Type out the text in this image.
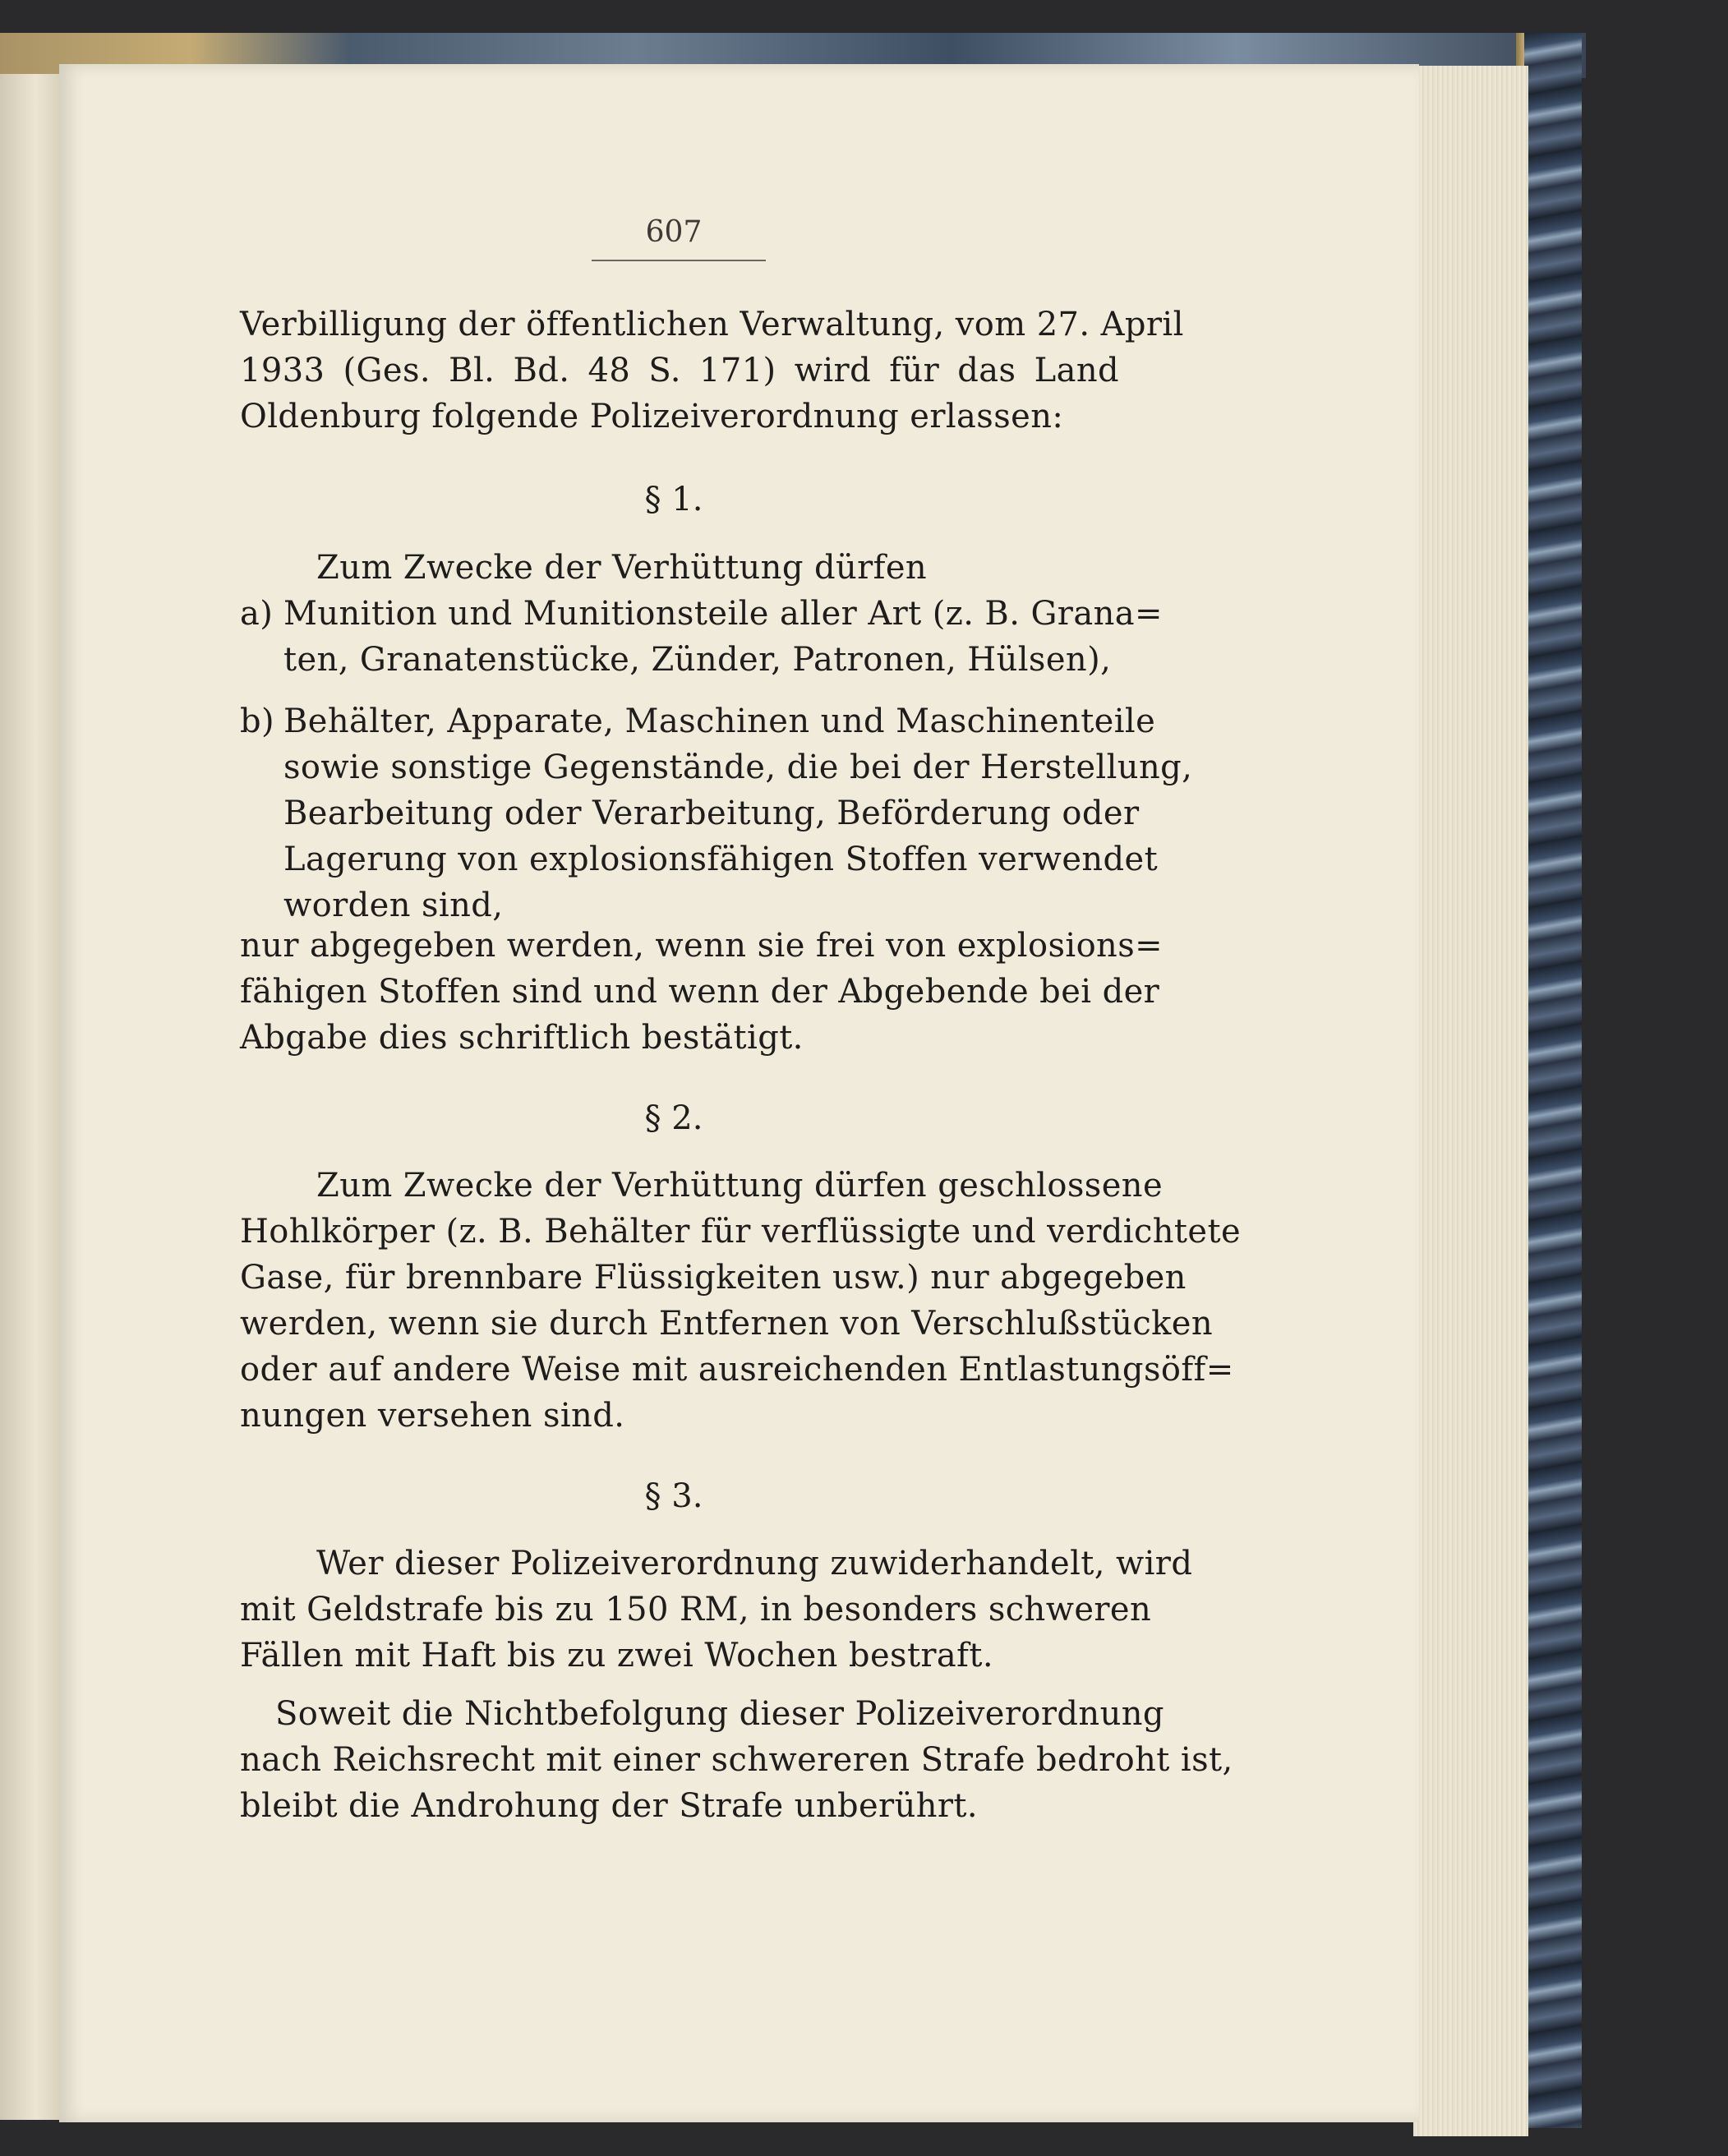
607
Verbilligung der öffentlichen Verwaltung, vom 27. April
1933 (Ges. Bl. Bd. 48 S. 171) wird für das Land
Oldenburg folgende Polizeiverordnung erlassen:
§ 1.
Zum Zwecke der Verhüttung dürfen
a) Munition und Munitionsteile aller Art (z. B. Grana=
ten, Granatenstücke, Zünder, Patronen, Hülsen),
b) Behälter, Apparate, Maschinen und Maschinenteile
sowie sonstige Gegenstände, die bei der Herstellung,
Bearbeitung oder Verarbeitung, Beförderung oder
Lagerung von explosionsfähigen Stoffen verwendet
worden sind,
nur abgegeben werden, wenn sie frei von explosions=
fähigen Stoffen sind und wenn der Abgebende bei der
Abgabe dies schriftlich bestätigt.
§ 2.
Zum Zwecke der Verhüttung dürfen geschlossene
Hohlkörper (z. B. Behälter für verflüssigte und verdichtete
Gase, für brennbare Flüssigkeiten usw.) nur abgegeben
werden, wenn sie durch Entfernen von Verschlußstücken
oder auf andere Weise mit ausreichenden Entlastungsöff=
nungen versehen sind.
§ 3.
Wer dieser Polizeiverordnung zuwiderhandelt, wird
mit Geldstrafe bis zu 150 RM, in besonders schweren
Fällen mit Haft bis zu zwei Wochen bestraft.
Soweit die Nichtbefolgung dieser Polizeiverordnung
nach Reichsrecht mit einer schwereren Strafe bedroht ist,
bleibt die Androhung der Strafe unberührt.
